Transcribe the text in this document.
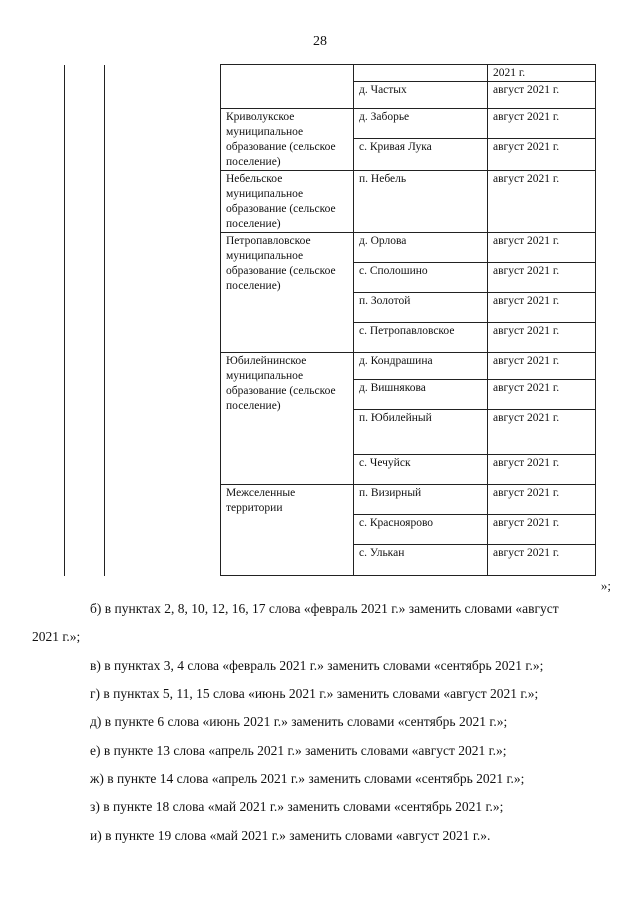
28
				2021 г.
			д. Частых	август 2021 г.
		Криволукское муниципальное образование (сельское поселение)	д. Заборье	август 2021 г.
			с. Кривая Лука	август 2021 г.
		Небельское муниципальное образование (сельское поселение)	п. Небель	август 2021 г.
		Петропавловское муниципальное образование (сельское поселение)	д. Орлова	август 2021 г.
			с. Сполошино	август 2021 г.
			п. Золотой	август 2021 г.
			с. Петропавловское	август 2021 г.
		Юбилейнинское муниципальное образование (сельское поселение)	д. Кондрашина	август 2021 г.
			д. Вишнякова	август 2021 г.
			п. Юбилейный	август 2021 г.
			с. Чечуйск	август 2021 г.
		Межселенные территории	п. Визирный	август 2021 г.
			с. Красноярово	август 2021 г.
			с. Улькан	август 2021 г.
»;
б) в пунктах 2, 8, 10, 12, 16, 17 слова «февраль 2021 г.» заменить словами «август
2021 г.»;
в) в пунктах 3, 4 слова «февраль 2021 г.» заменить словами «сентябрь 2021 г.»;
г) в пунктах 5, 11, 15 слова «июнь 2021 г.» заменить словами «август 2021 г.»;
д) в пункте 6 слова «июнь 2021 г.» заменить словами «сентябрь 2021 г.»;
е) в пункте 13 слова «апрель 2021 г.» заменить словами «август 2021 г.»;
ж) в пункте 14 слова «апрель 2021 г.» заменить словами «сентябрь 2021 г.»;
з) в пункте 18 слова «май 2021 г.» заменить словами «сентябрь 2021 г.»;
и) в пункте 19 слова «май 2021 г.» заменить словами «август 2021 г.».
